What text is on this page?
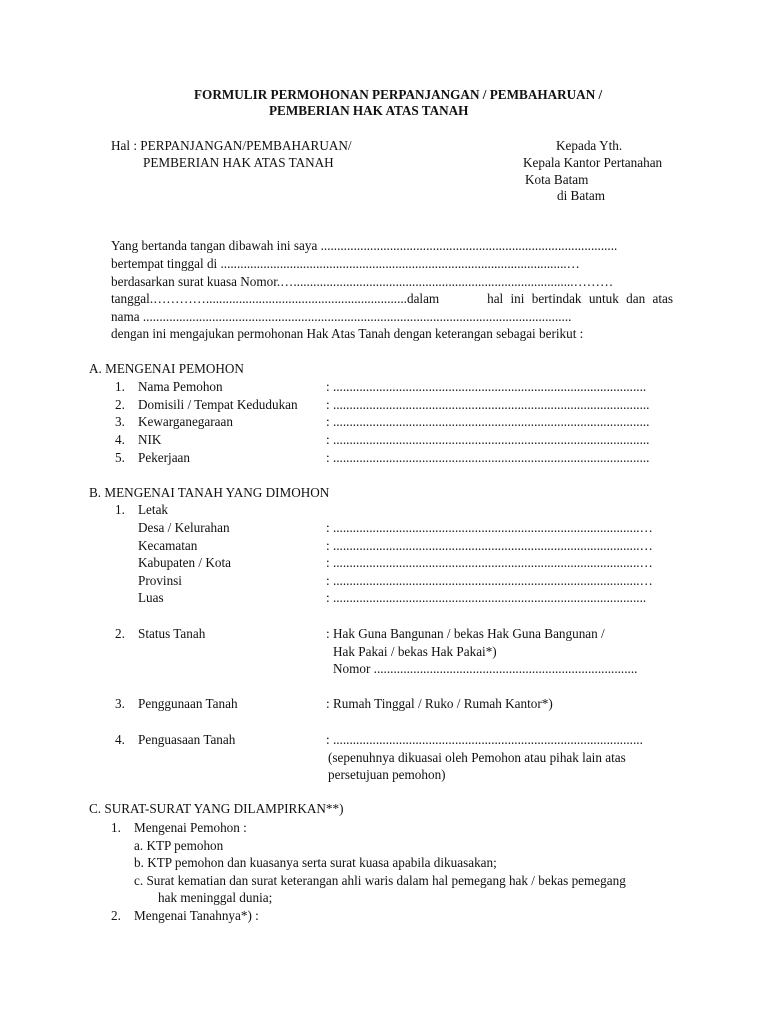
FORMULIR PERMOHONAN PERPANJANGAN / PEMBAHARUAN /
PEMBERIAN HAK ATAS TANAH
Hal : PERPANJANGAN/PEMBAHARUAN/
PEMBERIAN HAK ATAS TANAH
Kepada Yth.
Kepala Kantor Pertanahan
Kota Batam
di Batam
Yang bertanda tangan dibawah ini saya ..........................................................................................
bertempat tinggal di .........................................................................................................…
berdasarkan surat kuasa Nomor.….....................................................................................………
tanggal.………….............................................................dalam	hal ini bertindak untuk dan atas
nama ..................................................................................................................................
dengan ini mengajukan permohonan Hak Atas Tanah dengan keterangan sebagai berikut :
A. MENGENAI PEMOHON
1. Nama Pemohon	: ...............................................................................................
2. Domisili / Tempat Kedudukan : ................................................................................................
3. Kewarganegaraan	: ................................................................................................
4. NIK	: ................................................................................................
5. Pekerjaan	: ................................................................................................
B. MENGENAI TANAH YANG DIMOHON
1. Letak
Desa / Kelurahan	: .............................................................................................…
Kecamatan	: .............................................................................................…
Kabupaten / Kota	: .............................................................................................…
Provinsi	: .............................................................................................…
Luas	: ...............................................................................................
2. Status Tanah	: Hak Guna Bangunan / bekas Hak Guna Bangunan /
Hak Pakai / bekas Hak Pakai*)
Nomor ................................................................................
3. Penggunaan Tanah	: Rumah Tinggal / Ruko / Rumah Kantor*)
4. Penguasaan Tanah	: ..............................................................................................
(sepenuhnya dikuasai oleh Pemohon atau pihak lain atas
persetujuan pemohon)
C. SURAT-SURAT YANG DILAMPIRKAN**)
1. Mengenai Pemohon :
a. KTP pemohon
b. KTP pemohon dan kuasanya serta surat kuasa apabila dikuasakan;
c. Surat kematian dan surat keterangan ahli waris dalam hal pemegang hak / bekas pemegang
hak meninggal dunia;
2. Mengenai Tanahnya*) :
